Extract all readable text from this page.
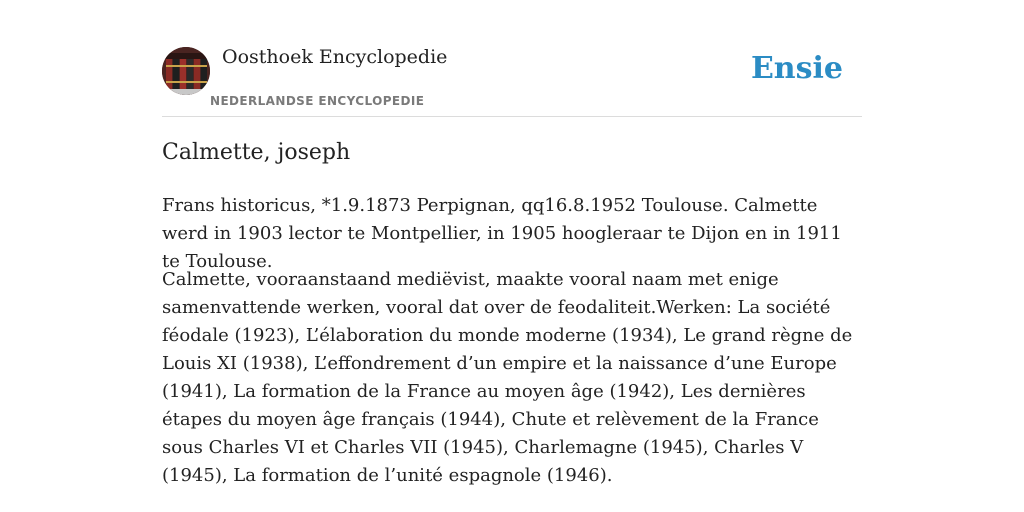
Oosthoek Encyclopedie
NEDERLANDSE ENCYCLOPEDIE
Ensie
Calmette, joseph

Frans historicus, *1.9.1873 Perpignan, qq16.8.1952 Toulouse. Calmette werd in 1903 lector te Montpellier, in 1905 hoogleraar te Dijon en in 1911 te Toulouse.

Calmette, vooraanstaand mediëvist, maakte vooral naam met enige samenvattende werken, vooral dat over de feodaliteit.Werken: La société féodale (1923), L’élaboration du monde moderne (1934), Le grand règne de Louis XI (1938), L’effondrement d’un empire et la naissance d’une Europe (1941), La formation de la France au moyen âge (1942), Les dernières étapes du moyen âge français (1944), Chute et relèvement de la France sous Charles VI et Charles VII (1945), Charlemagne (1945), Charles V (1945), La formation de l’unité espagnole (1946).
